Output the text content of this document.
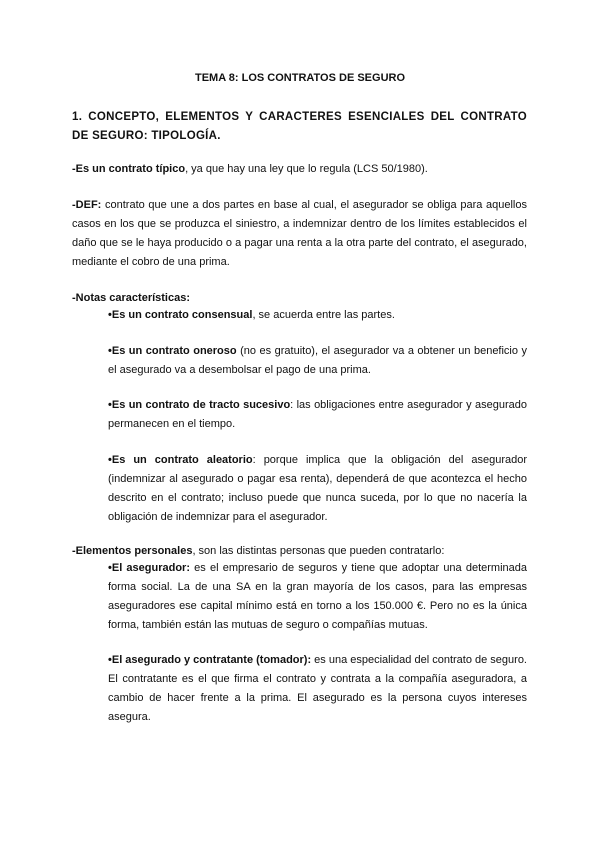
TEMA 8: LOS CONTRATOS DE SEGURO
1. CONCEPTO, ELEMENTOS Y CARACTERES ESENCIALES DEL CONTRATO DE SEGURO: TIPOLOGÍA.
-Es un contrato típico, ya que hay una ley que lo regula (LCS 50/1980).
-DEF: contrato que une a dos partes en base al cual, el asegurador se obliga para aquellos casos en los que se produzca el siniestro, a indemnizar dentro de los límites establecidos el daño que se le haya producido o a pagar una renta a la otra parte del contrato, el asegurado, mediante el cobro de una prima.
-Notas características:
•Es un contrato consensual, se acuerda entre las partes.
•Es un contrato oneroso (no es gratuito), el asegurador va a obtener un beneficio y el asegurado va a desembolsar el pago de una prima.
•Es un contrato de tracto sucesivo: las obligaciones entre asegurador y asegurado permanecen en el tiempo.
•Es un contrato aleatorio: porque implica que la obligación del asegurador (indemnizar al asegurado o pagar esa renta), dependerá de que acontezca el hecho descrito en el contrato; incluso puede que nunca suceda, por lo que no nacería la obligación de indemnizar para el asegurador.
-Elementos personales, son las distintas personas que pueden contratarlo:
•El asegurador: es el empresario de seguros y tiene que adoptar una determinada forma social. La de una SA en la gran mayoría de los casos, para las empresas aseguradores ese capital mínimo está en torno a los 150.000 €. Pero no es la única forma, también están las mutuas de seguro o compañías mutuas.
•El asegurado y contratante (tomador): es una especialidad del contrato de seguro. El contratante es el que firma el contrato y contrata a la compañía aseguradora, a cambio de hacer frente a la prima. El asegurado es la persona cuyos intereses asegura.
